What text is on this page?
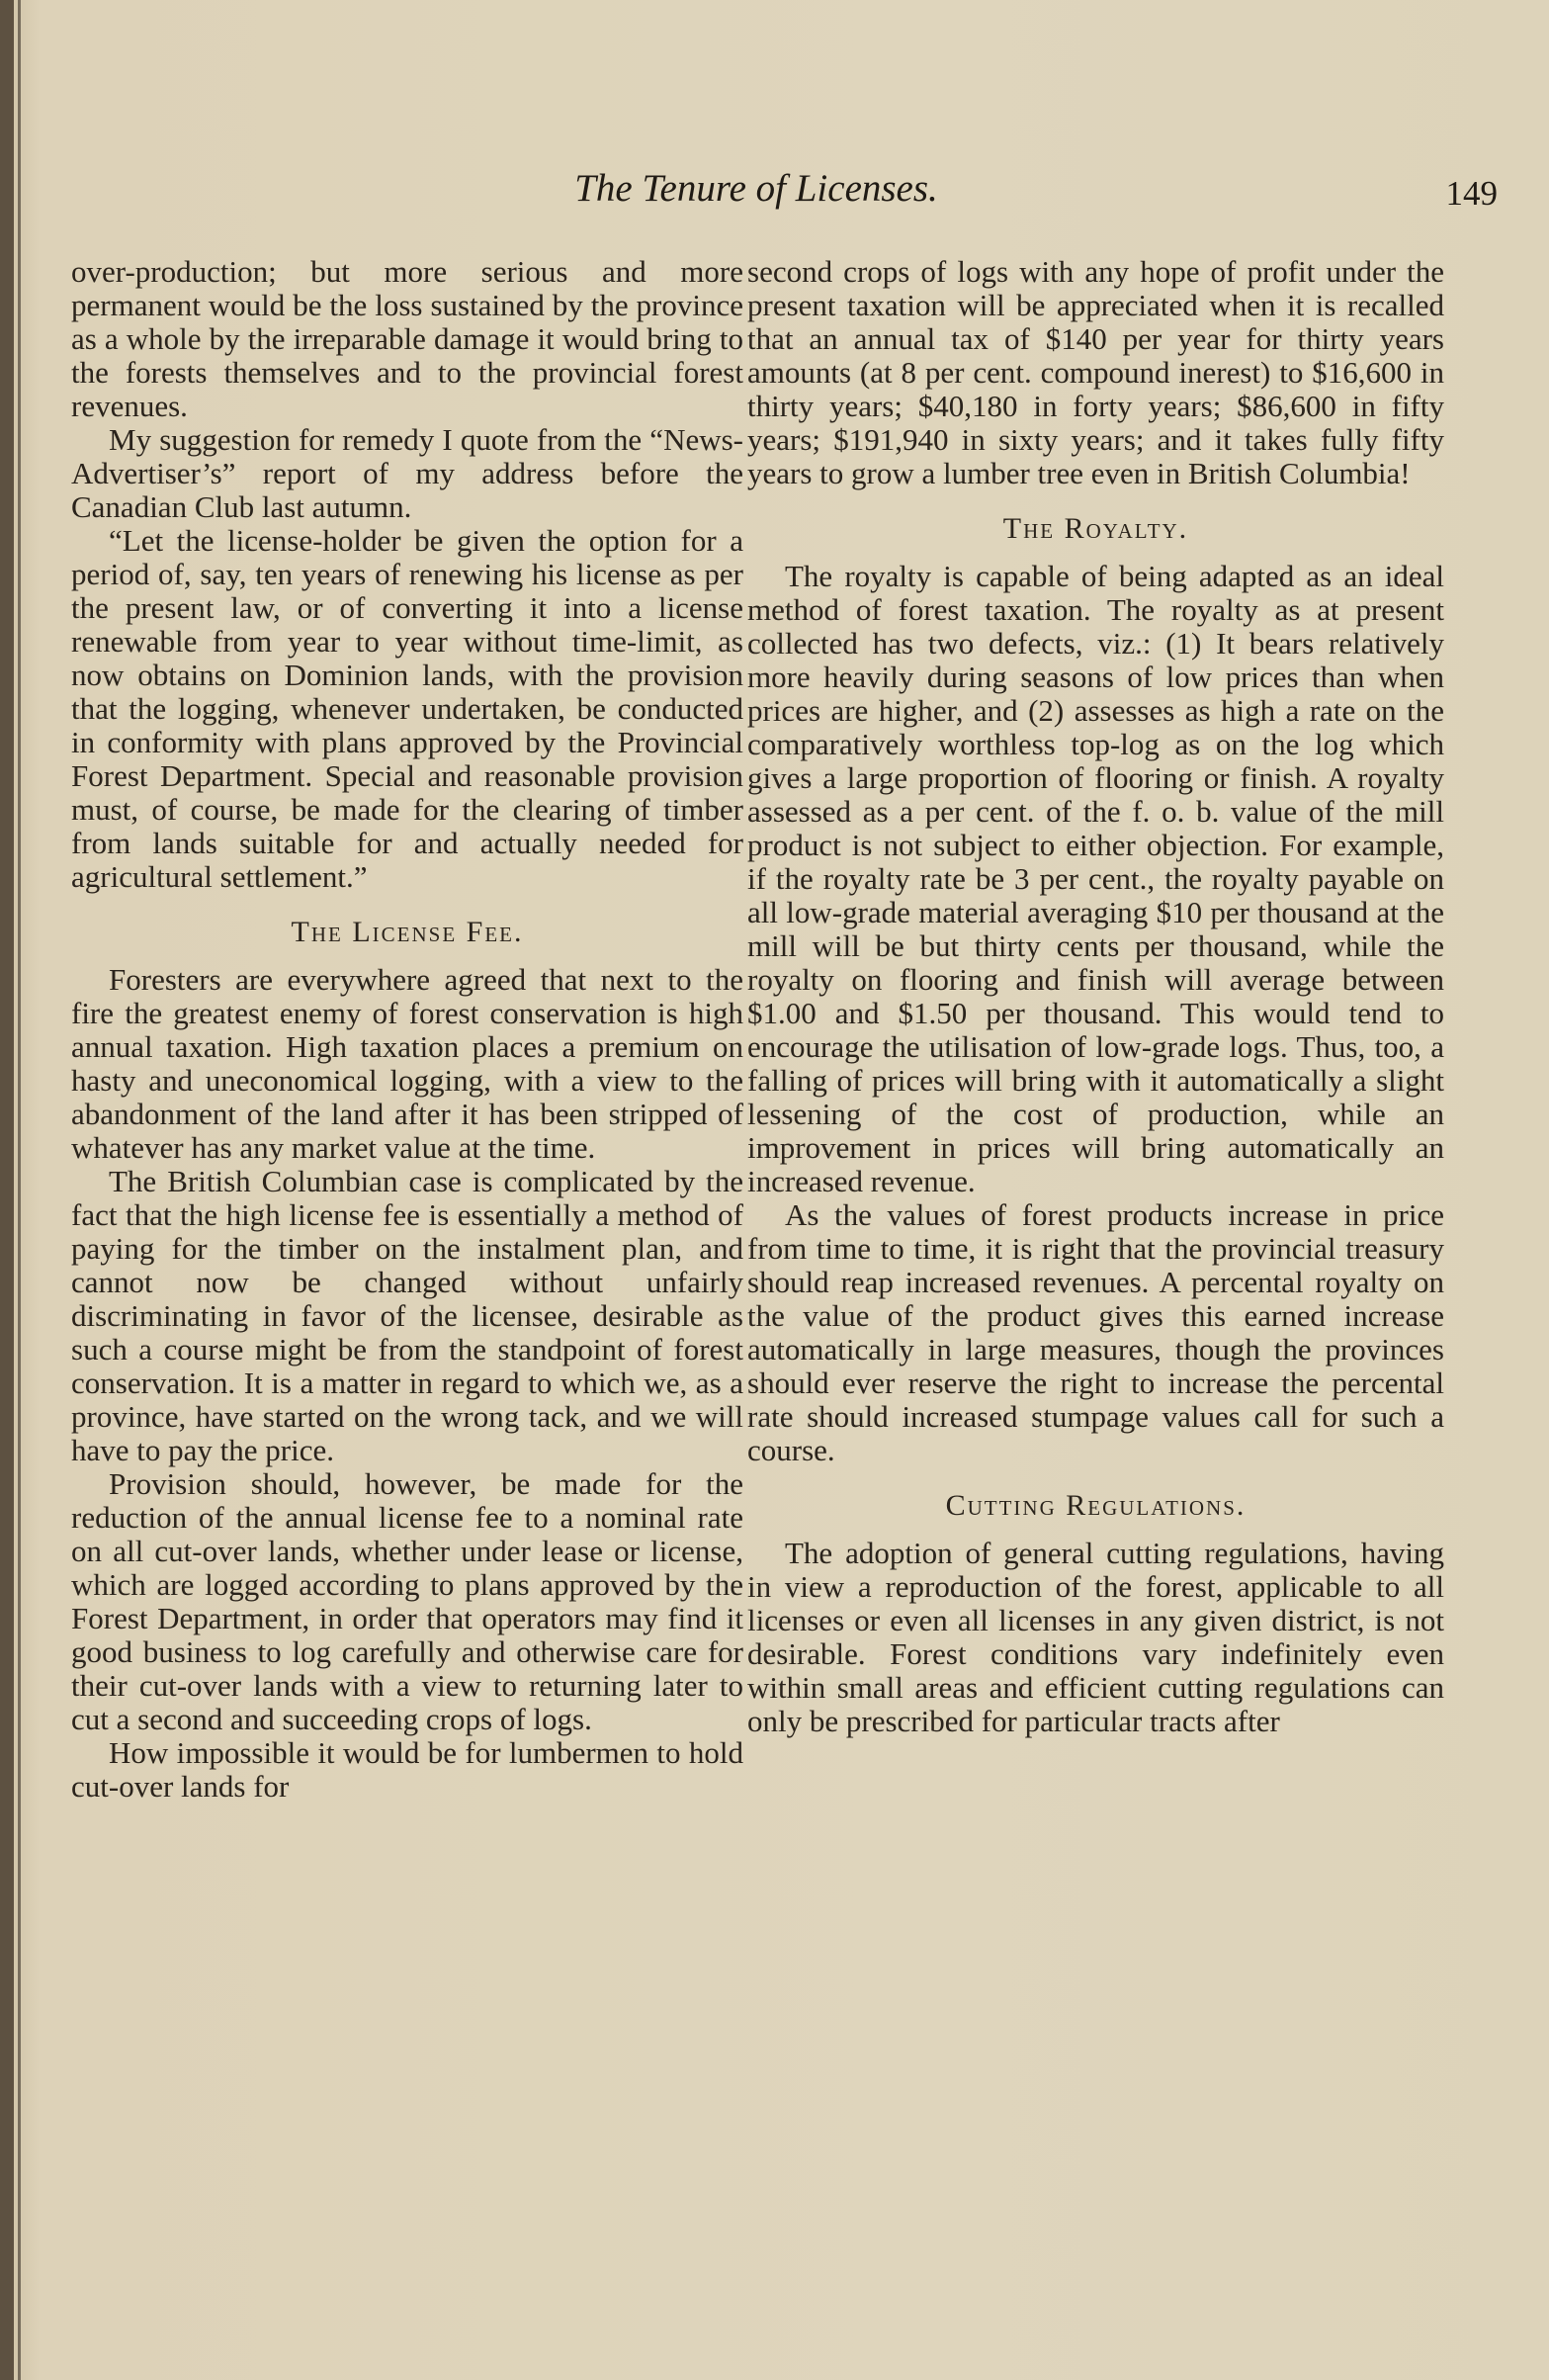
The Tenure of Licenses.	149

over-production; but more serious and more permanent would be the loss sustained by the province as a whole by the irreparable damage it would bring to the forests themselves and to the provincial forest revenues.

My suggestion for remedy I quote from the “News-Advertiser’s” report of my address before the Canadian Club last autumn.

“Let the license-holder be given the option for a period of, say, ten years of renewing his license as per the present law, or of converting it into a license renewable from year to year without time-limit, as now obtains on Dominion lands, with the provision that the logging, whenever undertaken, be conducted in conformity with plans approved by the Provincial Forest Department. Special and reasonable provision must, of course, be made for the clearing of timber from lands suitable for and actually needed for agricultural settlement.”

The License Fee.

Foresters are everywhere agreed that next to the fire the greatest enemy of forest conservation is high annual taxation. High taxation places a premium on hasty and uneconomical logging, with a view to the abandonment of the land after it has been stripped of whatever has any market value at the time.

The British Columbian case is complicated by the fact that the high license fee is essentially a method of paying for the timber on the instalment plan, and cannot now be changed without unfairly discriminating in favor of the licensee, desirable as such a course might be from the standpoint of forest conservation. It is a matter in regard to which we, as a province, have started on the wrong tack, and we will have to pay the price.

Provision should, however, be made for the reduction of the annual license fee to a nominal rate on all cut-over lands, whether under lease or license, which are logged according to plans approved by the Forest Department, in order that operators may find it good business to log carefully and otherwise care for their cut-over lands with a view to returning later to cut a second and succeeding crops of logs.

How impossible it would be for lumbermen to hold cut-over lands for

second crops of logs with any hope of profit under the present taxation will be appreciated when it is recalled that an annual tax of $140 per year for thirty years amounts (at 8 per cent. compound inerest) to $16,600 in thirty years; $40,180 in forty years; $86,600 in fifty years; $191,940 in sixty years; and it takes fully fifty years to grow a lumber tree even in British Columbia!

The Royalty.

The royalty is capable of being adapted as an ideal method of forest taxation. The royalty as at present collected has two defects, viz.: (1) It bears relatively more heavily during seasons of low prices than when prices are higher, and (2) assesses as high a rate on the comparatively worthless top-log as on the log which gives a large proportion of flooring or finish. A royalty assessed as a per cent. of the f. o. b. value of the mill product is not subject to either objection. For example, if the royalty rate be 3 per cent., the royalty payable on all low-grade material averaging $10 per thousand at the mill will be but thirty cents per thousand, while the royalty on flooring and finish will average between $1.00 and $1.50 per thousand. This would tend to encourage the utilisation of low-grade logs. Thus, too, a falling of prices will bring with it automatically a slight lessening of the cost of production, while an improvement in prices will bring automatically an increased revenue.

As the values of forest products increase in price from time to time, it is right that the provincial treasury should reap increased revenues. A percental royalty on the value of the product gives this earned increase automatically in large measures, though the provinces should ever reserve the right to increase the percental rate should increased stumpage values call for such a course.

Cutting Regulations.

The adoption of general cutting regulations, having in view a reproduction of the forest, applicable to all licenses or even all licenses in any given district, is not desirable. Forest conditions vary indefinitely even within small areas and efficient cutting regulations can only be prescribed for particular tracts after
